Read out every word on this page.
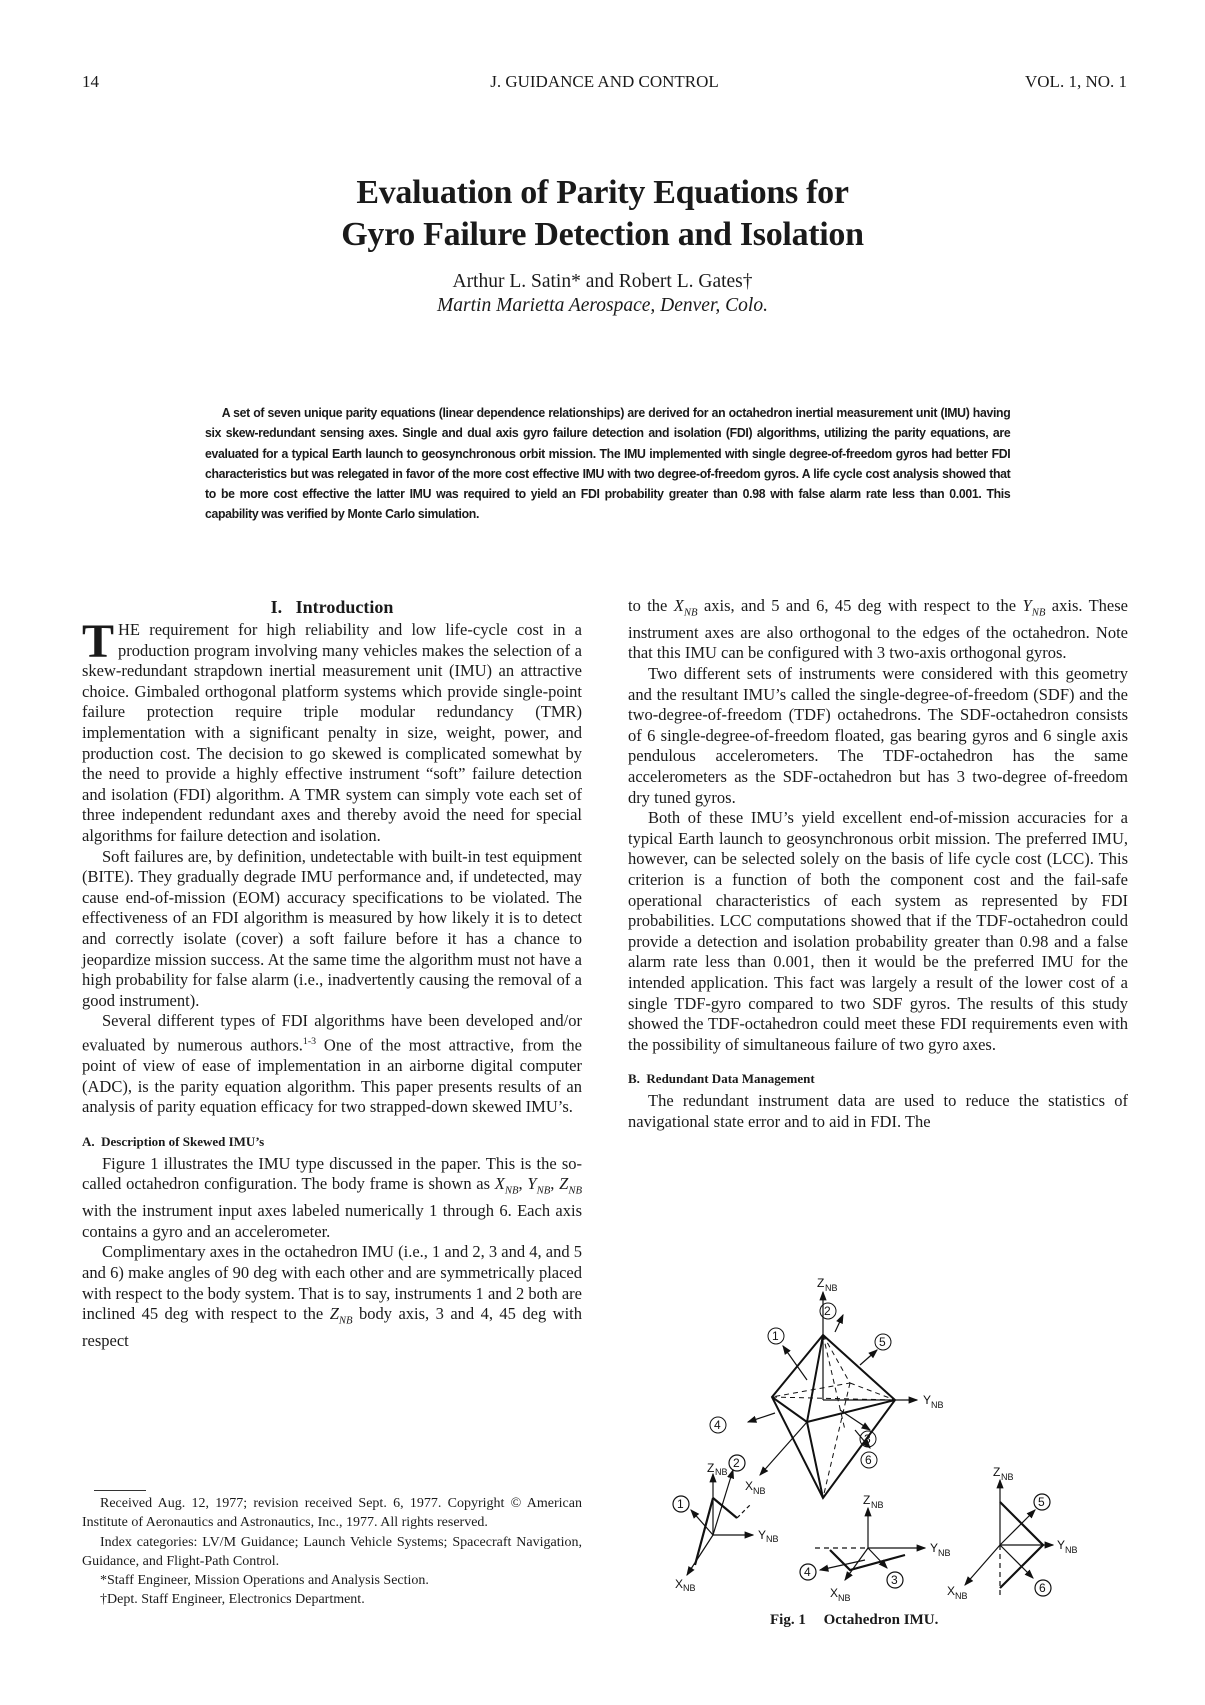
14	J. GUIDANCE AND CONTROL	VOL. 1, NO. 1
Evaluation of Parity Equations for
Gyro Failure Detection and Isolation
Arthur L. Satin* and Robert L. Gates†
Martin Marietta Aerospace, Denver, Colo.

A set of seven unique parity equations (linear dependence relationships) are derived for an octahedron inertial measurement unit (IMU) having six skew-redundant sensing axes. Single and dual axis gyro failure detection and isolation (FDI) algorithms, utilizing the parity equations, are evaluated for a typical Earth launch to geosynchronous orbit mission. The IMU implemented with single degree-of-freedom gyros had better FDI characteristics but was relegated in favor of the more cost effective IMU with two degree-of-freedom gyros. A life cycle cost analysis showed that to be more cost effective the latter IMU was required to yield an FDI probability greater than 0.98 with false alarm rate less than 0.001. This capability was verified by Monte Carlo simulation.

I.   Introduction

THE requirement for high reliability and low life-cycle cost in a production program involving many vehicles makes the selection of a skew-redundant strapdown inertial measurement unit (IMU) an attractive choice. Gimbaled orthogonal platform systems which provide single-point failure protection require triple modular redundancy (TMR) implementation with a significant penalty in size, weight, power, and production cost. The decision to go skewed is complicated somewhat by the need to provide a highly effective instrument “soft” failure detection and isolation (FDI) algorithm. A TMR system can simply vote each set of three independent redundant axes and thereby avoid the need for special algorithms for failure detection and isolation.

Soft failures are, by definition, undetectable with built-in test equipment (BITE). They gradually degrade IMU performance and, if undetected, may cause end-of-mission (EOM) accuracy specifications to be violated. The effectiveness of an FDI algorithm is measured by how likely it is to detect and correctly isolate (cover) a soft failure before it has a chance to jeopardize mission success. At the same time the algorithm must not have a high probability for false alarm (i.e., inadvertently causing the removal of a good instrument).

Several different types of FDI algorithms have been developed and/or evaluated by numerous authors.$^{1-3}$ One of the most attractive, from the point of view of ease of implementation in an airborne digital computer (ADC), is the parity equation algorithm. This paper presents results of an analysis of parity equation efficacy for two strapped-down skewed IMU’s.

A.  Description of Skewed IMU’s

Figure 1 illustrates the IMU type discussed in the paper. This is the so-called octahedron configuration. The body frame is shown as $X_{NB}$, $Y_{NB}$, $Z_{NB}$ with the instrument input axes labeled numerically 1 through 6. Each axis contains a gyro and an accelerometer.

Complimentary axes in the octahedron IMU (i.e., 1 and 2, 3 and 4, and 5 and 6) make angles of 90 deg with each other and are symmetrically placed with respect to the body system. That is to say, instruments 1 and 2 both are inclined 45 deg with respect to the $Z_{NB}$ body axis, 3 and 4, 45 deg with respect

Received Aug. 12, 1977; revision received Sept. 6, 1977. Copyright © American Institute of Aeronautics and Astronautics, Inc., 1977. All rights reserved.

Index categories: LV/M Guidance; Launch Vehicle Systems; Spacecraft Navigation, Guidance, and Flight-Path Control.

*Staff Engineer, Mission Operations and Analysis Section.

†Dept. Staff Engineer, Electronics Department.

to the $X_{NB}$ axis, and 5 and 6, 45 deg with respect to the $Y_{NB}$ axis. These instrument axes are also orthogonal to the edges of the octahedron. Note that this IMU can be configured with 3 two-axis orthogonal gyros.

Two different sets of instruments were considered with this geometry and the resultant IMU’s called the single-degree-of-freedom (SDF) and the two-degree-of-freedom (TDF) octahedrons. The SDF-octahedron consists of 6 single-degree-of-freedom floated, gas bearing gyros and 6 single axis pendulous accelerometers. The TDF-octahedron has the same accelerometers as the SDF-octahedron but has 3 two-degree of-freedom dry tuned gyros.

Both of these IMU’s yield excellent end-of-mission accuracies for a typical Earth launch to geosynchronous orbit mission. The preferred IMU, however, can be selected solely on the basis of life cycle cost (LCC). This criterion is a function of both the component cost and the fail-safe operational characteristics of each system as represented by FDI probabilities. LCC computations showed that if the TDF-octahedron could provide a detection and isolation probability greater than 0.98 and a false alarm rate less than 0.001, then it would be the preferred IMU for the intended application. This fact was largely a result of the lower cost of a single TDF-gyro compared to two SDF gyros. The results of this study showed the TDF-octahedron could meet these FDI requirements even with the possibility of simultaneous failure of two gyro axes.

B.  Redundant Data Management

The redundant instrument data are used to reduce the statistics of navigational state error and to aid in FDI. The

Z NB
Y NB
X NB
1
2
5
4
3
6
Z NB
Y NB
X NB
1
2
Z NB
Y NB
X NB
4
3
Z NB
Y NB
X NB
5
6
Fig. 1 Octahedron IMU.
